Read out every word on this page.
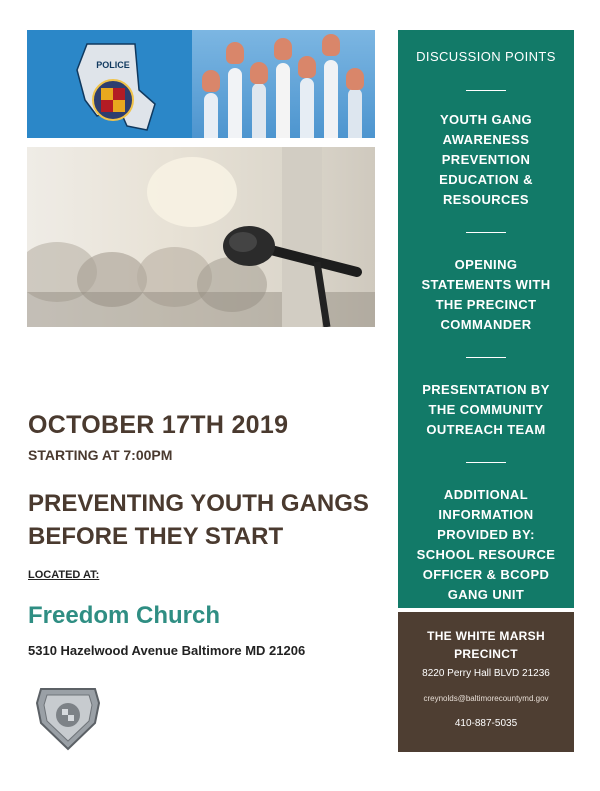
POLICE
OCTOBER 17TH 2019
STARTING AT 7:00PM
PREVENTING YOUTH GANGS
BEFORE THEY START
LOCATED AT:
Freedom Church
5310 Hazelwood Avenue Baltimore MD 21206
DISCUSSION POINTS
YOUTH GANG
AWARENESS
PREVENTION
EDUCATION &
RESOURCES
OPENING
STATEMENTS WITH
THE PRECINCT
COMMANDER
PRESENTATION BY
THE COMMUNITY
OUTREACH TEAM
ADDITIONAL
INFORMATION
PROVIDED BY:
SCHOOL RESOURCE
OFFICER & BCOPD
GANG UNIT
THE WHITE MARSH
PRECINCT
8220 Perry Hall BLVD 21236
creynolds@baltimorecountymd.gov
410-887-5035
